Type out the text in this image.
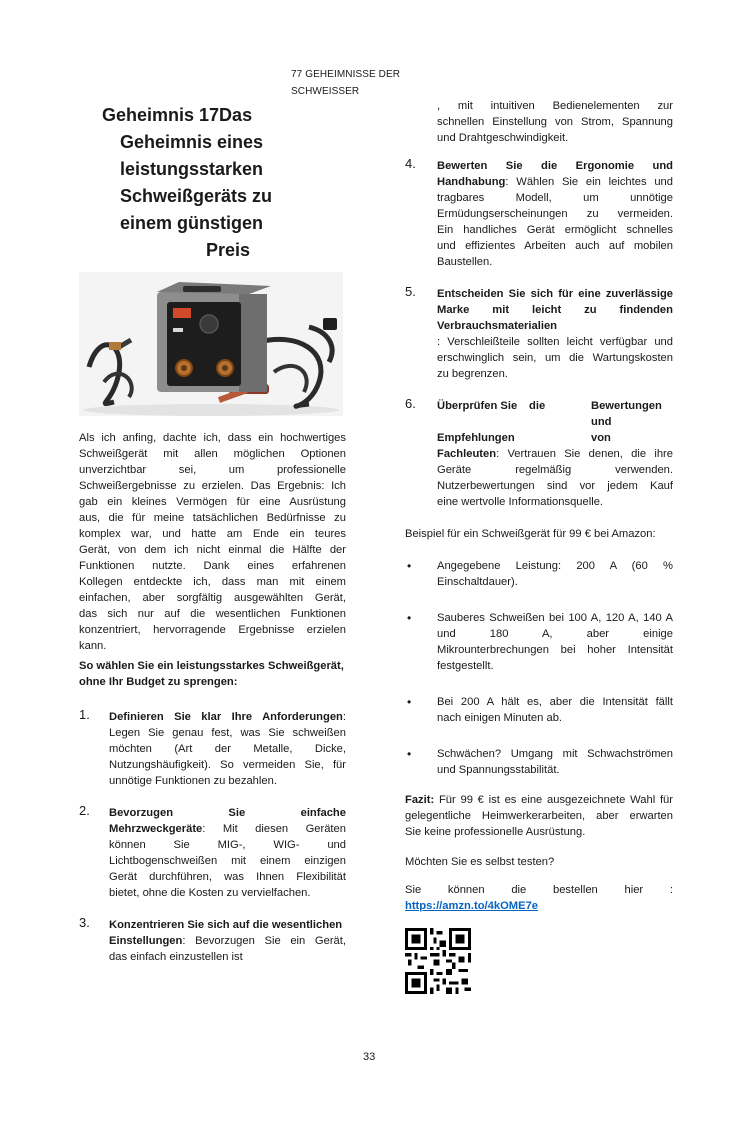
77 GEHEIMNISSE DER
SCHWEISSER
Geheimnis 17Das
Geheimnis eines
leistungsstarken
Schweißgeräts zu
einem günstigen
Preis
Als ich anfing, dachte ich, dass ein hochwertiges
Schweißgerät mit allen möglichen Optionen
unverzichtbar sei, um professionelle
Schweißergebnisse zu erzielen. Das Ergebnis: Ich
gab ein kleines Vermögen für eine Ausrüstung
aus, die für meine tatsächlichen Bedürfnisse zu
komplex war, und hatte am Ende ein teures
Gerät, von dem ich nicht einmal die Hälfte der
Funktionen nutzte. Dank eines erfahrenen
Kollegen entdeckte ich, dass man mit einem
einfachen, aber sorgfältig ausgewählten Gerät,
das sich nur auf die wesentlichen Funktionen
konzentriert, hervorragende Ergebnisse erzielen
kann.
So wählen Sie ein leistungsstarkes Schweißgerät,
ohne Ihr Budget zu sprengen:
1. Definieren Sie klar Ihre Anforderungen: Legen Sie genau fest, was Sie schweißen
möchten (Art der Metalle, Dicke,
Nutzungshäufigkeit). So vermeiden Sie, für
unnötige Funktionen zu bezahlen.
2. Bevorzugen Sie einfache
Mehrzweckgeräte: Mit diesen Geräten
können Sie MIG-, WIG- und
Lichtbogenschweißen mit einem einzigen
Gerät durchführen, was Ihnen Flexibilität
bietet, ohne die Kosten zu vervielfachen.
3. Konzentrieren Sie sich auf die wesentlichen
Einstellungen: Bevorzugen Sie ein Gerät,
das einfach einzustellen ist
, mit intuitiven Bedienelementen zur
schnellen Einstellung von Strom, Spannung
und Drahtgeschwindigkeit.
4. Bewerten Sie die Ergonomie und
Handhabung: Wählen Sie ein leichtes und
tragbares Modell, um unnötige
Ermüdungserscheinungen zu vermeiden.
Ein handliches Gerät ermöglicht schnelles
und effizientes Arbeiten auch auf mobilen
Baustellen.
5. Entscheiden Sie sich für eine zuverlässige
Marke mit leicht zu findenden
Verbrauchsmaterialien
: Verschleißteile sollten leicht verfügbar und
erschwinglich sein, um die Wartungskosten
zu begrenzen.
6. Überprüfen Sie	die	Bewertungen
und
Empfehlungen	von
Fachleuten: Vertrauen Sie denen, die ihre
Geräte regelmäßig verwenden.
Nutzerbewertungen sind vor jedem Kauf
eine wertvolle Informationsquelle.
Beispiel für ein Schweißgerät für 99 € bei Amazon:
• Angegebene Leistung: 200 A (60 %
Einschaltdauer).
• Sauberes Schweißen bei 100 A, 120 A, 140 A
und 180 A, aber einige
Mikrounterbrechungen bei hoher Intensität
festgestellt.
• Bei 200 A hält es, aber die Intensität fällt
nach einigen Minuten ab.
• Schwächen? Umgang mit Schwachströmen
und Spannungsstabilität.
Fazit: Für 99 € ist es eine ausgezeichnete Wahl für
gelegentliche Heimwerkerarbeiten, aber erwarten
Sie keine professionelle Ausrüstung.
Möchten Sie es selbst testen?
Sie können die bestellen hier :
https://amzn.to/4kOME7e
33
